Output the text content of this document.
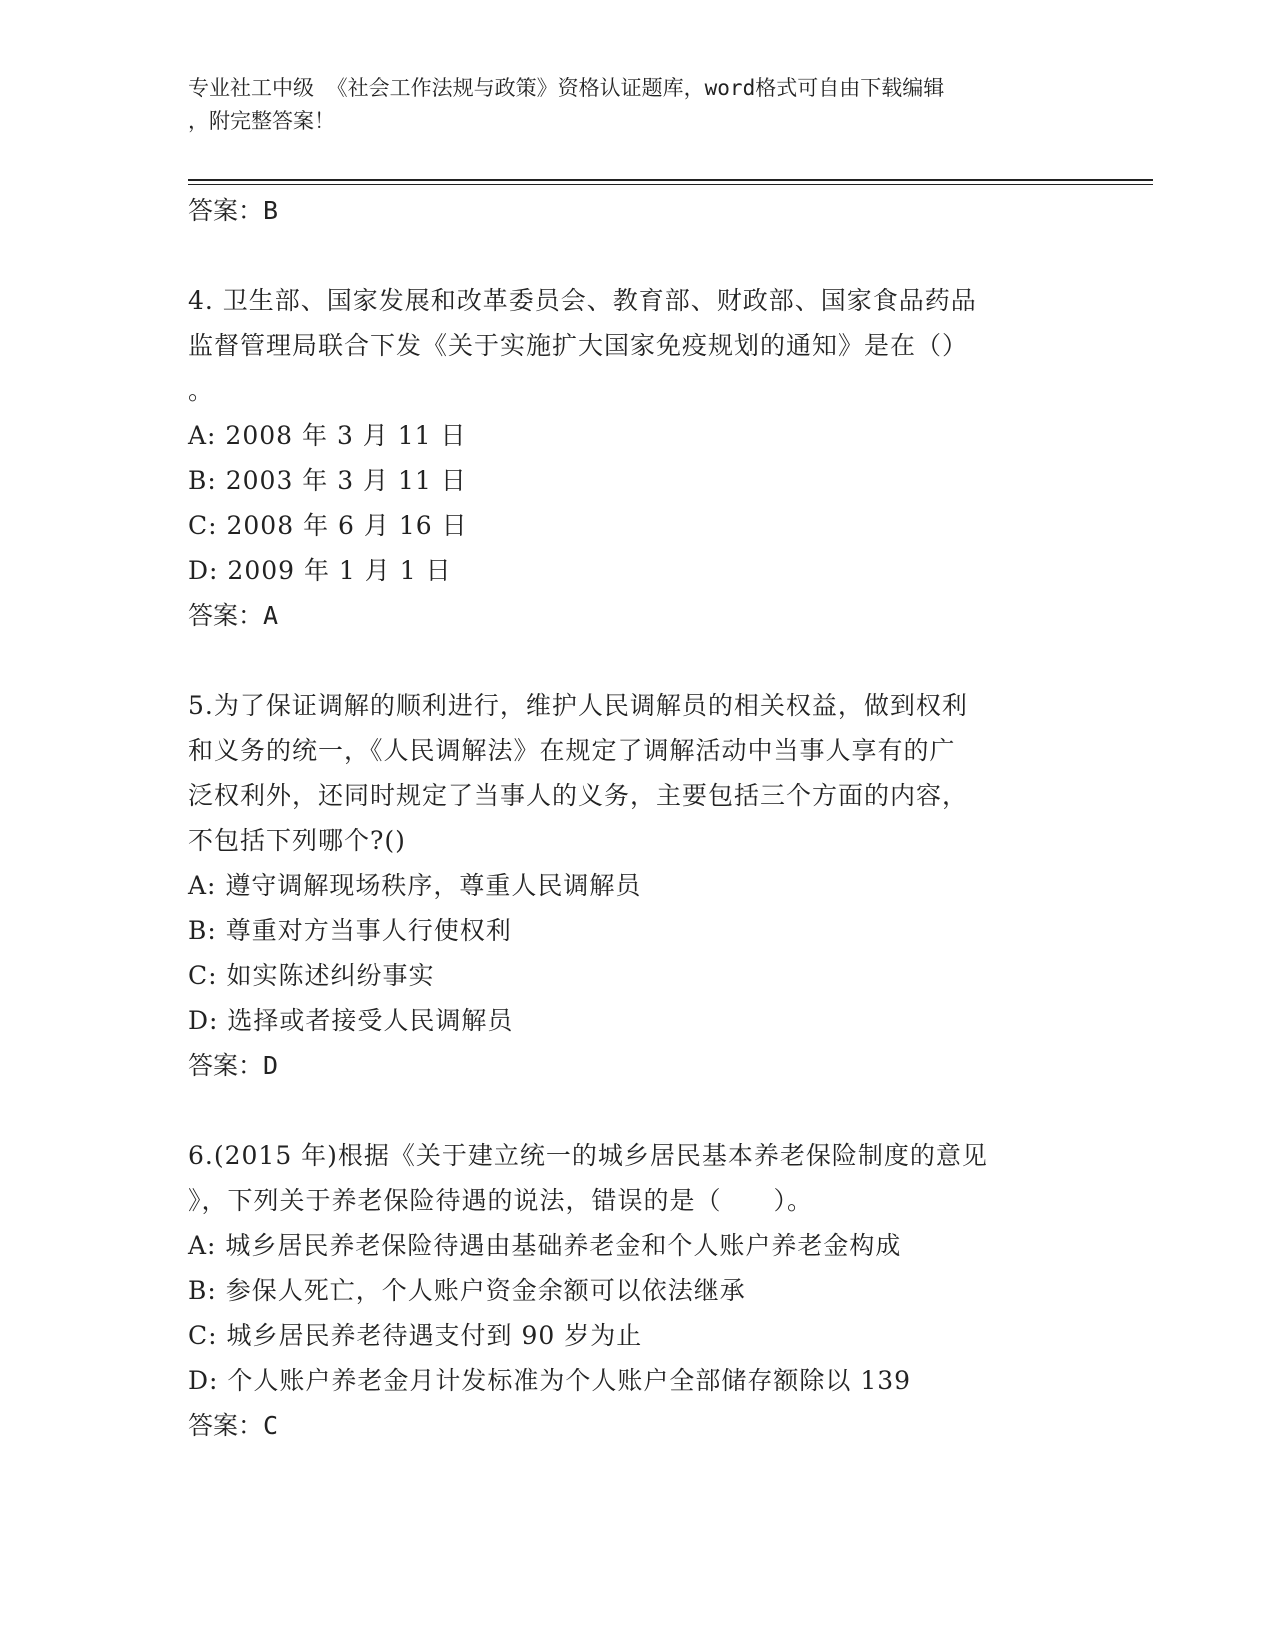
专业社工中级 《社会工作法规与政策》资格认证题库，word格式可自由下载编辑
，附完整答案！
答案：B
4. 卫生部、国家发展和改革委员会、教育部、财政部、国家食品药品
监督管理局联合下发《关于实施扩大国家免疫规划的通知》是在（）
。
A: 2008 年 3 月 11 日
B: 2003 年 3 月 11 日
C: 2008 年 6 月 16 日
D: 2009 年 1 月 1 日
答案：A
5.为了保证调解的顺利进行，维护人民调解员的相关权益，做到权利
和义务的统一，《人民调解法》在规定了调解活动中当事人享有的广
泛权利外，还同时规定了当事人的义务，主要包括三个方面的内容，
不包括下列哪个?()
A: 遵守调解现场秩序，尊重人民调解员
B: 尊重对方当事人行使权利
C: 如实陈述纠纷事实
D: 选择或者接受人民调解员
答案：D
6.(2015 年)根据《关于建立统一的城乡居民基本养老保险制度的意见
》，下列关于养老保险待遇的说法，错误的是（　　）。
A: 城乡居民养老保险待遇由基础养老金和个人账户养老金构成
B: 参保人死亡，个人账户资金余额可以依法继承
C: 城乡居民养老待遇支付到 90 岁为止
D: 个人账户养老金月计发标准为个人账户全部储存额除以 139
答案：C
